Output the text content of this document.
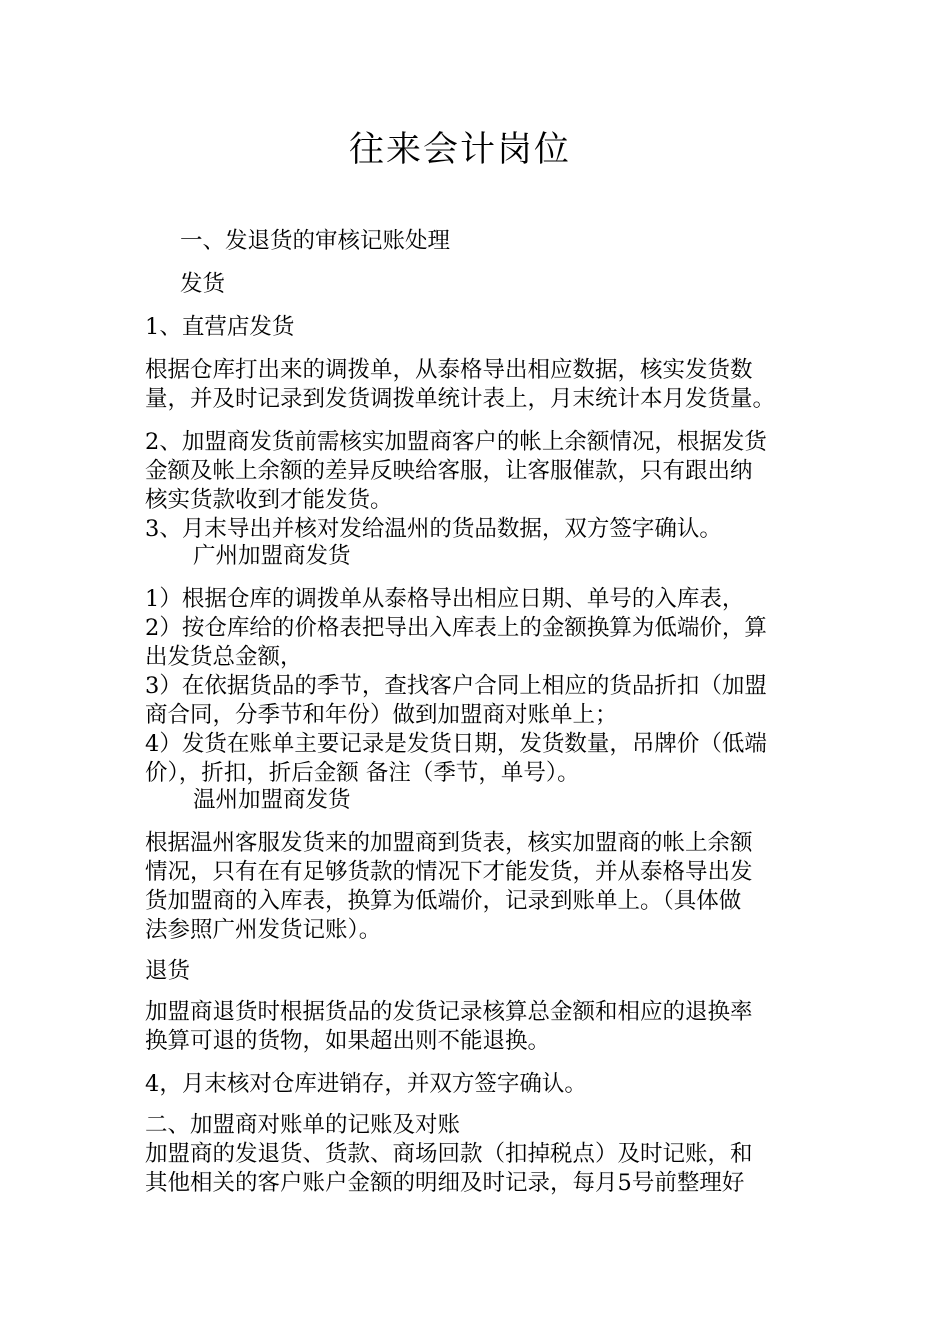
往来会计岗位
一、发退货的审核记账处理
发货
1、直营店发货
根据仓库打出来的调拨单，从泰格导出相应数据，核实发货数
量，并及时记录到发货调拨单统计表上，月末统计本月发货量。
2、加盟商发货前需核实加盟商客户的帐上余额情况，根据发货
金额及帐上余额的差异反映给客服，让客服催款，只有跟出纳
核实货款收到才能发货。
3、月末导出并核对发给温州的货品数据，双方签字确认。
广州加盟商发货
1）根据仓库的调拨单从泰格导出相应日期、单号的入库表，
2）按仓库给的价格表把导出入库表上的金额换算为低端价，算
出发货总金额，
3）在依据货品的季节，查找客户合同上相应的货品折扣（加盟
商合同，分季节和年份）做到加盟商对账单上；
4）发货在账单主要记录是发货日期，发货数量，吊牌价（低端
价），折扣，折后金额 备注（季节，单号）。
温州加盟商发货
根据温州客服发货来的加盟商到货表，核实加盟商的帐上余额
情况，只有在有足够货款的情况下才能发货，并从泰格导出发
货加盟商的入库表，换算为低端价，记录到账单上。（具体做
法参照广州发货记账）。
退货
加盟商退货时根据货品的发货记录核算总金额和相应的退换率
换算可退的货物，如果超出则不能退换。
4，月末核对仓库进销存，并双方签字确认。
二、加盟商对账单的记账及对账
加盟商的发退货、货款、商场回款（扣掉税点）及时记账，和
其他相关的客户账户金额的明细及时记录，每月5号前整理好
